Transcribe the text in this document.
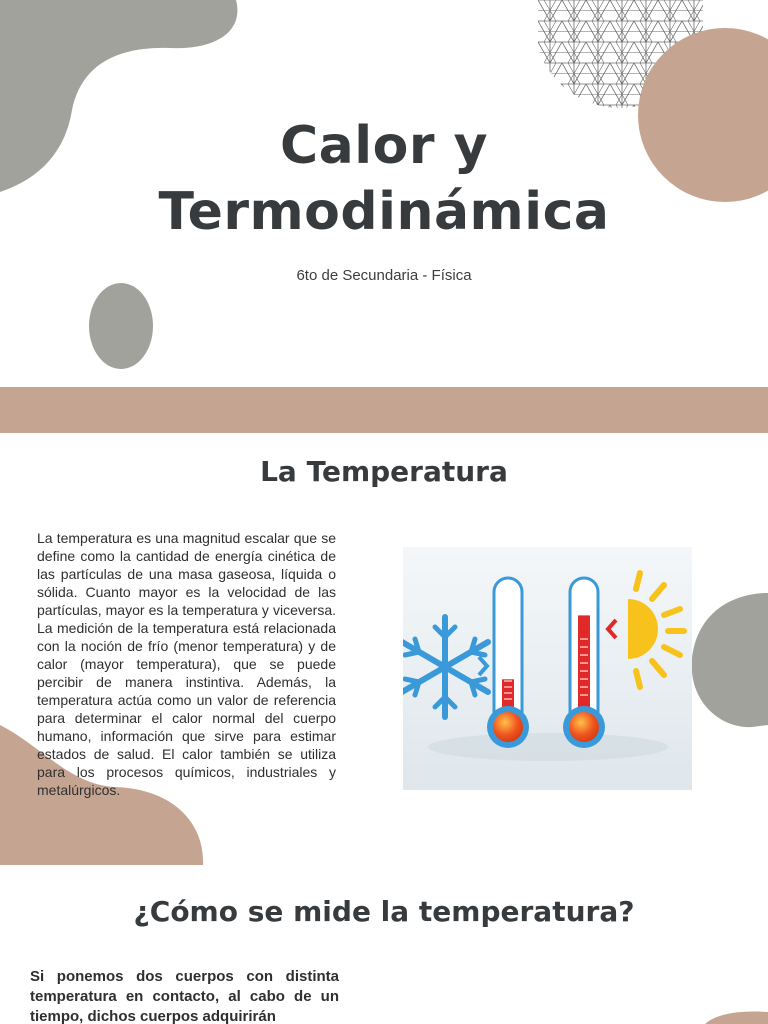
Calor y
Termodinámica
6to de Secundaria - Física
La Temperatura
La temperatura es una magnitud escalar que se define como la cantidad de energía cinética de las partículas de una masa gaseosa, líquida o sólida. Cuanto mayor es la velocidad de las partículas, mayor es la temperatura y viceversa. La medición de la temperatura está relacionada con la noción de frío (menor temperatura) y de calor (mayor temperatura), que se puede percibir de manera instintiva. Además, la temperatura actúa como un valor de referencia para determinar el calor normal del cuerpo humano, información que sirve para estimar estados de salud. El calor también se utiliza para los procesos químicos, industriales y metalúrgicos.
¿Cómo se mide la temperatura?
Si ponemos dos cuerpos con distinta temperatura en contacto, al cabo de un tiempo, dichos cuerpos adquirirán
